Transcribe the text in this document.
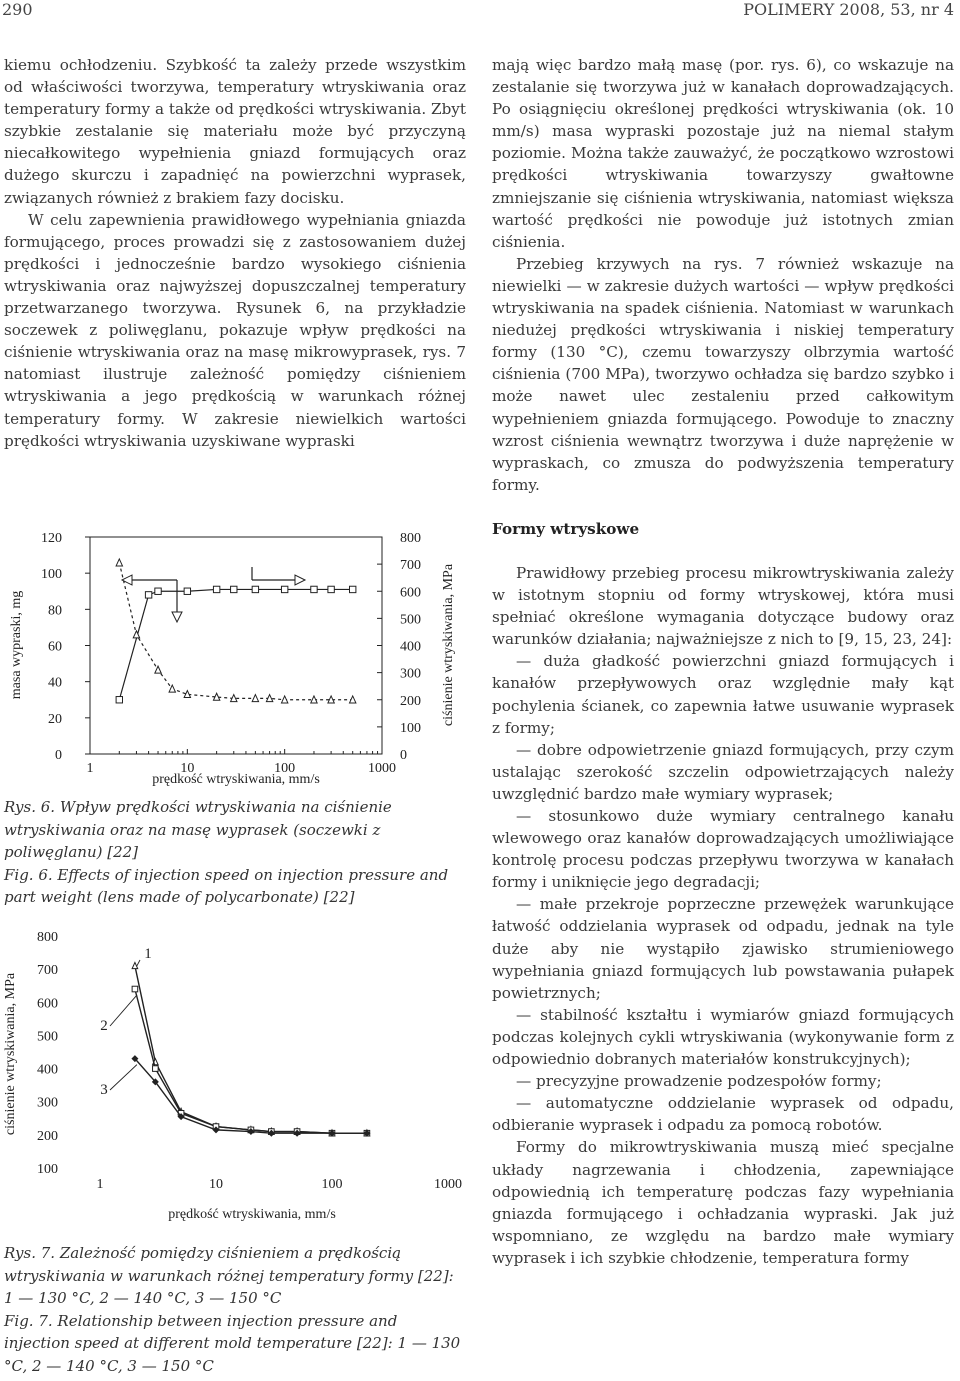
290	POLIMERY 2008, 53, nr 4

kiemu ochłodzeniu. Szybkość ta zależy przede wszystkim od właściwości tworzywa, temperatury wtryskiwania oraz temperatury formy a także od prędkości wtryskiwania. Zbyt szybkie zestalanie się materiału może być przyczyną niecałkowitego wypełnienia gniazd formujących oraz dużego skurczu i zapadnięć na powierzchni wyprasek, związanych również z brakiem fazy docisku.

W celu zapewnienia prawidłowego wypełniania gniazda formującego, proces prowadzi się z zastosowaniem dużej prędkości i jednocześnie bardzo wysokiego ciśnienia wtryskiwania oraz najwyższej dopuszczalnej temperatury przetwarzanego tworzywa. Rysunek 6, na przykładzie soczewek z poliwęglanu, pokazuje wpływ prędkości na ciśnienie wtryskiwania oraz na masę mikrowyprasek, rys. 7 natomiast ilustruje zależność pomiędzy ciśnieniem wtryskiwania a jego prędkością w warunkach różnej temperatury formy. W zakresie niewielkich wartości prędkości wtryskiwania uzyskiwane wypraski

0
20
40
60
80
100
120
0
100
200
300
400
500
600
700
800
1	10	100	1000
prędkość wtryskiwania, mm/s
masa wypraski, mg	ciśnienie wtryskiwania, MPa

Rys. 6. Wpływ prędkości wtryskiwania na ciśnienie wtryskiwania oraz na masę wyprasek (soczewki z poliwęglanu) [22]

Fig. 6. Effects of injection speed on injection pressure and part weight (lens made of polycarbonate) [22]

100
200
300
400
500
600
700
800
1	10	100	1000
1
2
3
prędkość wtryskiwania, mm/s
ciśnienie wtryskiwania, MPa

Rys. 7. Zależność pomiędzy ciśnieniem a prędkością wtryskiwania w warunkach różnej temperatury formy [22]: 1 — 130 °C, 2 — 140 °C, 3 — 150 °C

Fig. 7. Relationship between injection pressure and injection speed at different mold temperature [22]: 1 — 130 °C, 2 — 140 °C, 3 — 150 °C

mają więc bardzo małą masę (por. rys. 6), co wskazuje na zestalanie się tworzywa już w kanałach doprowadzających. Po osiągnięciu określonej prędkości wtryskiwania (ok. 10 mm/s) masa wypraski pozostaje już na niemal stałym poziomie. Można także zauważyć, że początkowo wzrostowi prędkości wtryskiwania towarzyszy gwałtowne zmniejszanie się ciśnienia wtryskiwania, natomiast większa wartość prędkości nie powoduje już istotnych zmian ciśnienia.

Przebieg krzywych na rys. 7 również wskazuje na niewielki — w zakresie dużych wartości — wpływ prędkości wtryskiwania na spadek ciśnienia. Natomiast w warunkach niedużej prędkości wtryskiwania i niskiej temperatury formy (130 °C), czemu towarzyszy olbrzymia wartość ciśnienia (700 MPa), tworzywo ochładza się bardzo szybko i może nawet ulec zestaleniu przed całkowitym wypełnieniem gniazda formującego. Powoduje to znaczny wzrost ciśnienia wewnątrz tworzywa i duże naprężenie w wypraskach, co zmusza do podwyższenia temperatury formy.

Formy wtryskowe

Prawidłowy przebieg procesu mikrowtryskiwania zależy w istotnym stopniu od formy wtryskowej, która musi spełniać określone wymagania dotyczące budowy oraz warunków działania; najważniejsze z nich to [9, 15, 23, 24]:

— duża gładkość powierzchni gniazd formujących i kanałów przepływowych oraz względnie mały kąt pochylenia ścianek, co zapewnia łatwe usuwanie wyprasek z formy;

— dobre odpowietrzenie gniazd formujących, przy czym ustalając szerokość szczelin odpowietrzających należy uwzględnić bardzo małe wymiary wyprasek;

— stosunkowo duże wymiary centralnego kanału wlewowego oraz kanałów doprowadzających umożliwiające kontrolę procesu podczas przepływu tworzywa w kanałach formy i uniknięcie jego degradacji;

— małe przekroje poprzeczne przewężek warunkujące łatwość oddzielania wyprasek od odpadu, jednak na tyle duże aby nie wystąpiło zjawisko strumieniowego wypełniania gniazd formujących lub powstawania pułapek powietrznych;

— stabilność kształtu i wymiarów gniazd formujących podczas kolejnych cykli wtryskiwania (wykonywanie form z odpowiednio dobranych materiałów konstrukcyjnych);

— precyzyjne prowadzenie podzespołów formy;

— automatyczne oddzielanie wyprasek od odpadu, odbieranie wyprasek i odpadu za pomocą robotów.

Formy do mikrowtryskiwania muszą mieć specjalne układy nagrzewania i chłodzenia, zapewniające odpowiednią ich temperaturę podczas fazy wypełniania gniazda formującego i ochładzania wypraski. Jak już wspomniano, ze względu na bardzo małe wymiary wyprasek i ich szybkie chłodzenie, temperatura formy
